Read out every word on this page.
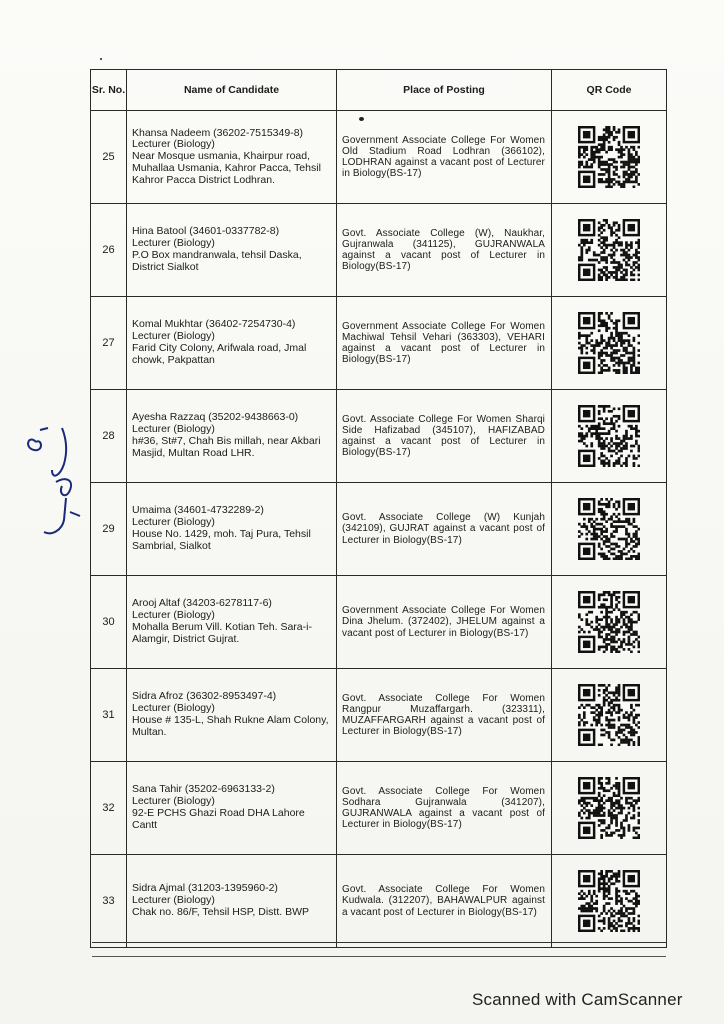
Sr. No.	Name of Candidate	Place of Posting	QR Code
25	Khansa Nadeem (36202-7515349-8)
Lecturer (Biology)
Near Mosque usmania, Khairpur road, Muhallaa Usmania, Kahror Pacca, Tehsil Kahror Pacca District Lodhran.	Government Associate College For Women Old Stadium Road Lodhran (366102), LODHRAN against a vacant post of Lecturer in Biology(BS-17)	

26	Hina Batool (34601-0337782-8)
Lecturer (Biology)
P.O Box mandranwala, tehsil Daska, District Sialkot	Govt. Associate College (W), Naukhar, Gujranwala (341125), GUJRANWALA against a vacant post of Lecturer in Biology(BS-17)	

27	Komal Mukhtar (36402-7254730-4)
Lecturer (Biology)
Farid City Colony, Arifwala road, Jmal chowk, Pakpattan	Government Associate College For Women Machiwal Tehsil Vehari (363303), VEHARI against a vacant post of Lecturer in Biology(BS-17)	

28	Ayesha Razzaq (35202-9438663-0)
Lecturer (Biology)
h#36, St#7, Chah Bis millah, near Akbari Masjid, Multan Road LHR.	Govt. Associate College For Women Sharqi Side Hafizabad (345107), HAFIZABAD against a vacant post of Lecturer in Biology(BS-17)	

29	Umaima (34601-4732289-2)
Lecturer (Biology)
House No. 1429, moh. Taj Pura, Tehsil Sambrial, Sialkot	Govt. Associate College (W) Kunjah (342109), GUJRAT against a vacant post of Lecturer in Biology(BS-17)	

30	Arooj Altaf (34203-6278117-6)
Lecturer (Biology)
Mohalla Berum Vill. Kotian Teh. Sara-i-Alamgir, District Gujrat.	Government Associate College For Women Dina Jhelum. (372402), JHELUM against a vacant post of Lecturer in Biology(BS-17)	

31	Sidra Afroz (36302-8953497-4)
Lecturer (Biology)
House # 135-L, Shah Rukne Alam Colony, Multan.	Govt. Associate College For Women Rangpur Muzaffargarh. (323311), MUZAFFARGARH against a vacant post of Lecturer in Biology(BS-17)	

32	Sana Tahir (35202-6963133-2)
Lecturer (Biology)
92-E PCHS Ghazi Road DHA Lahore Cantt	Govt. Associate College For Women Sodhara Gujranwala (341207), GUJRANWALA against a vacant post of Lecturer in Biology(BS-17)	

33	Sidra Ajmal (31203-1395960-2)
Lecturer (Biology)
Chak no. 86/F, Tehsil HSP, Distt. BWP	Govt. Associate College For Women Kudwala. (312207), BAHAWALPUR against a vacant post of Lecturer in Biology(BS-17)	
Scanned with CamScanner
